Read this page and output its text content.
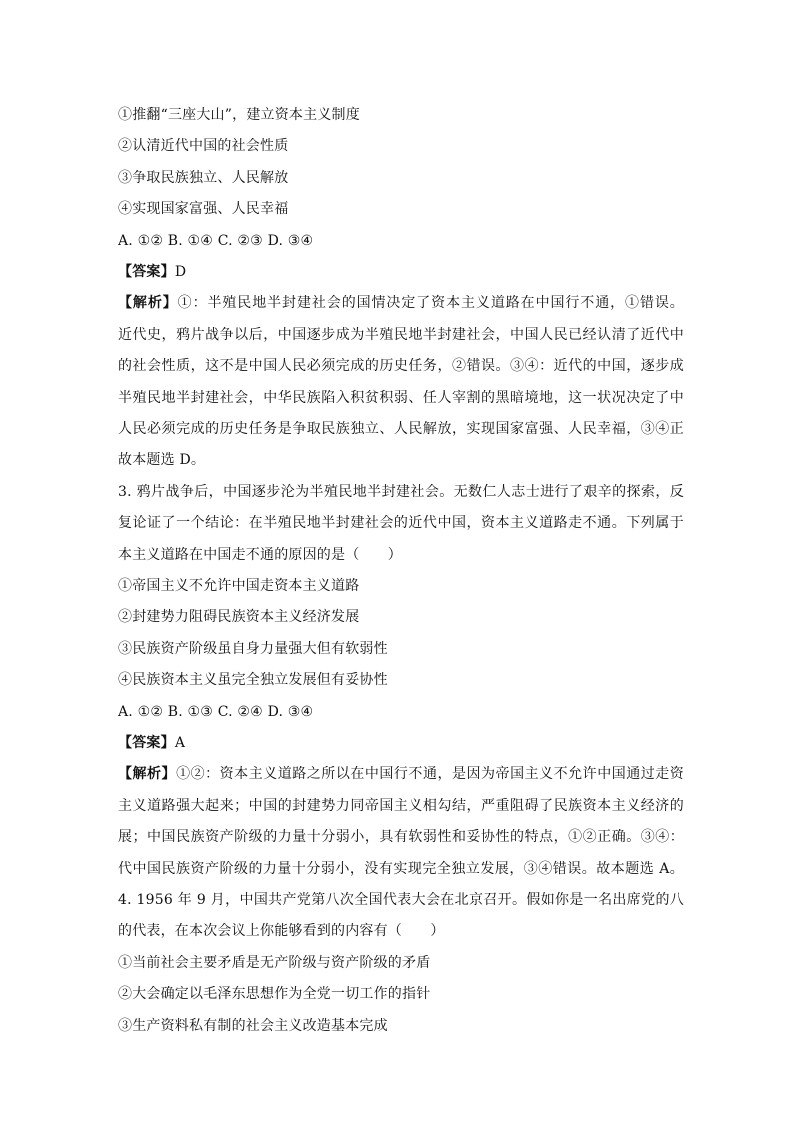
①推翻“三座大山”，建立资本主义制度
②认清近代中国的社会性质
③争取民族独立、人民解放
④实现国家富强、人民幸福
A. ①② B. ①④ C. ②③ D. ③④
【答案】D
【解析】①：半殖民地半封建社会的国情决定了资本主义道路在中国行不通，①错误。
近代史，鸦片战争以后，中国逐步成为半殖民地半封建社会，中国人民已经认清了近代中
的社会性质，这不是中国人民必须完成的历史任务，②错误。③④：近代的中国，逐步成
半殖民地半封建社会，中华民族陷入积贫积弱、任人宰割的黑暗境地，这一状况决定了中
人民必须完成的历史任务是争取民族独立、人民解放，实现国家富强、人民幸福，③④正
故本题选 D。
3. 鸦片战争后，中国逐步沦为半殖民地半封建社会。无数仁人志士进行了艰辛的探索，反
复论证了一个结论：在半殖民地半封建社会的近代中国，资本主义道路走不通。下列属于
本主义道路在中国走不通的原因的是（　　）
①帝国主义不允许中国走资本主义道路
②封建势力阻碍民族资本主义经济发展
③民族资产阶级虽自身力量强大但有软弱性
④民族资本主义虽完全独立发展但有妥协性
A. ①② B. ①③ C. ②④ D. ③④
【答案】A
【解析】①②：资本主义道路之所以在中国行不通，是因为帝国主义不允许中国通过走资
主义道路强大起来；中国的封建势力同帝国主义相勾结，严重阻碍了民族资本主义经济的
展；中国民族资产阶级的力量十分弱小，具有软弱性和妥协性的特点，①②正确。③④：
代中国民族资产阶级的力量十分弱小，没有实现完全独立发展，③④错误。故本题选 A。
4. 1956 年 9 月，中国共产党第八次全国代表大会在北京召开。假如你是一名出席党的八
的代表，在本次会议上你能够看到的内容有（　　）
①当前社会主要矛盾是无产阶级与资产阶级的矛盾
②大会确定以毛泽东思想作为全党一切工作的指针
③生产资料私有制的社会主义改造基本完成
